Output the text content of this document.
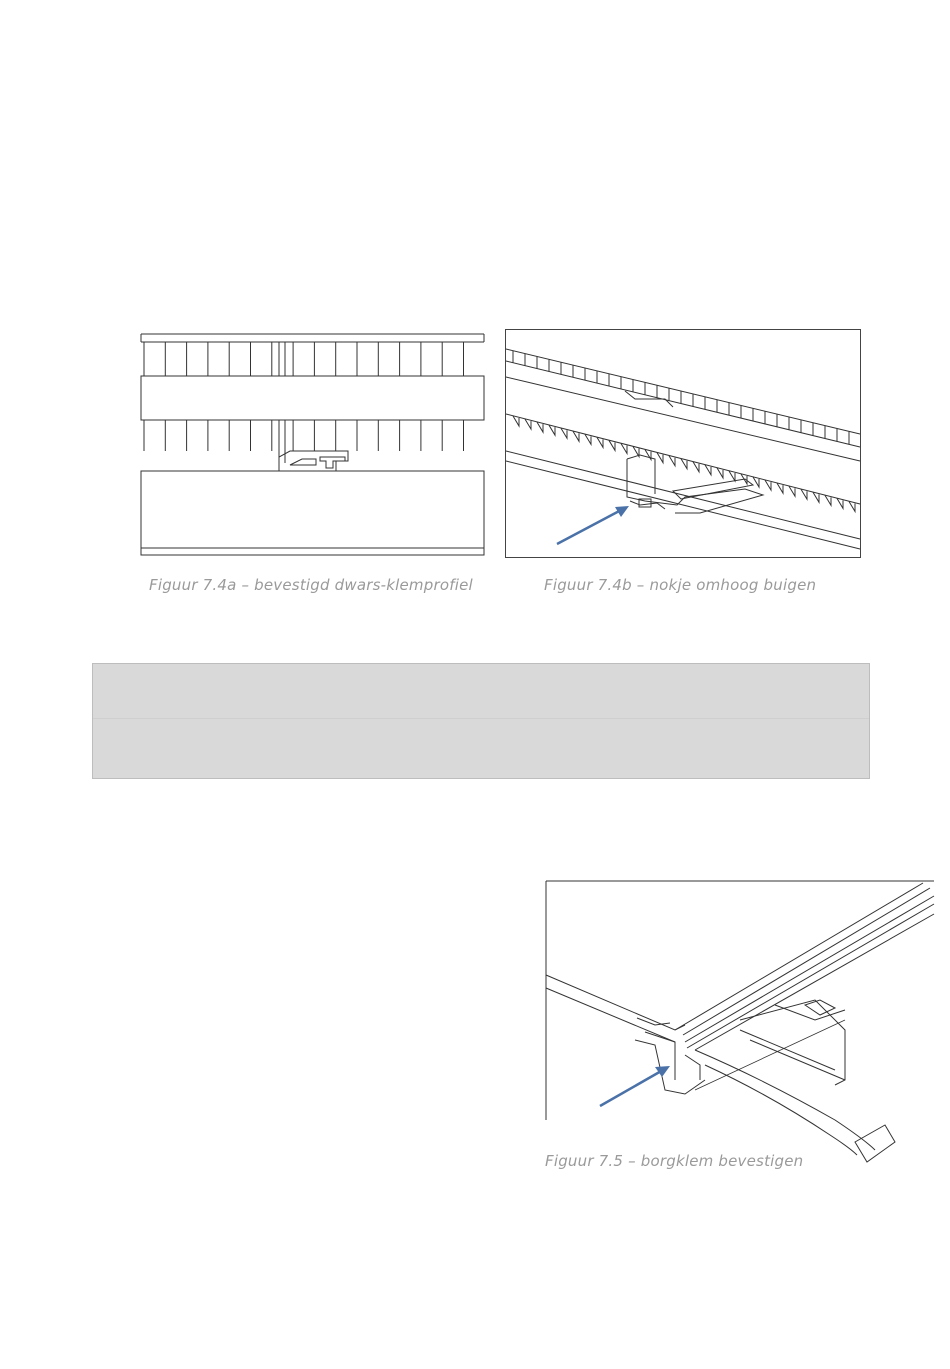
Figuur 7.4a – bevestigd dwars-klemprofiel	Figuur 7.4b – nokje omhoog buigen
Figuur 7.5 – borgklem bevestigen
